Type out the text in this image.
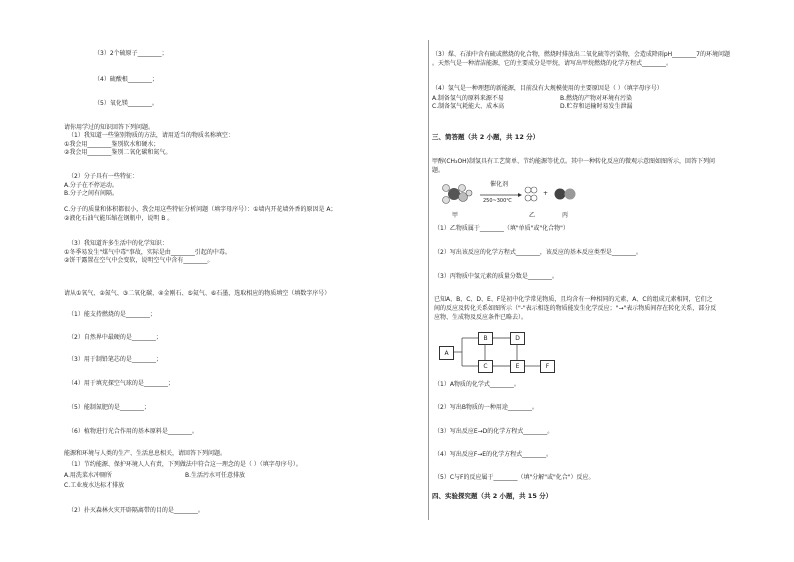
（3）2个硫原子________；
（4）硫酸根________；
（5）氧化镁________。
请你用学过的知识回答下列问题。
（1）我知道一些鉴别物质的方法，请用适当的物质名称填空：
①我会用________鉴别软水和硬水；
②我会用________鉴别二氧化碳和氮气。
（2）分子具有一些特征：
A.分子在不停运动。
B.分子之间有间隔。
C.分子的质量和体积都很小，我会用这些特征分析问题（填字母序号）：①墙内开花墙外香的原因是 A；
②液化石油气能压缩在钢瓶中，说明 B 。
（3）我知道许多生活中的化学知识：
①冬季易发生"煤气中毒"事故，实际是由________引起的中毒。
②饼干露置在空气中会变软，说明空气中含有________。
请从①氧气、②氮气、③二氧化碳、④金刚石、⑤氦气、⑥石墨，选取相应的物质填空（填数字序号）
（1）能支持燃烧的是________；
（2）自然界中最硬的是________；
（3）用于制铅笔芯的是________；
（4）用于填充探空气球的是________；
（5）能制氮肥的是________；
（6）植物进行光合作用的基本原料是________。
能源和环境与人类的生产、生活息息相关，请回答下列问题。
（1）节约能源、保护环境人人有责，下列做法中符合这一理念的是（ ）（填字母序号）。
A.用洗菜水冲厕所	B.生活污水可任意排放
C.工业废水达标才排放
（2）扑灭森林火灾开辟隔离带的目的是________。
（3）煤、石油中含有硫或燃烧的化合物，燃烧时排放出二氧化硫等污染物，会造成降雨pH________7的环境问题
。天然气是一种清洁能源，它的主要成分是甲烷，请写出甲烷燃烧的化学方程式________。
（4）氢气是一种理想的新能源，目前没有大规模使用的主要原因是（ ）（填字母序号）
A.制备氢气的原料来源不易	B.燃烧的产物对环境有污染
C.制备氢气耗能大、成本高	D.贮存和运输时易发生泄漏
三、简答题（共 2 小题，共 12 分）
甲醇(CH₃OH)制氢具有工艺简单、节约能源等优点。其中一种转化反应的微观示意图如图所示，回答下列问
题。
（1）乙物质属于________（填"单质"或"化合物"）
（2）写出该反应的化学方程式________，该反应的基本反应类型是________。
（3）丙物质中氢元素的质量分数是________。
已知A、B、C、D、E、F是初中化学常见物质，且均含有一种相同的元素，A、C的组成元素相同，它们之
间的反应及转化关系如图所示（"-"表示相连的物质能发生化学反应；"→"表示物质间存在转化关系，部分反
应物、生成物及反应条件已略去）。
（1）A物质的化学式________。
（2）写出B物质的一种用途________。
（3）写出反应E→D的化学方程式________。
（4）写出反应F→E的化学方程式________。
（5）C与F的反应属于________（填"分解"或"化合"）反应。
四、实验探究题（共 2 小题，共 15 分）
催化剂
250~300℃
+
甲	乙	丙
A
B	D
C	E	F
